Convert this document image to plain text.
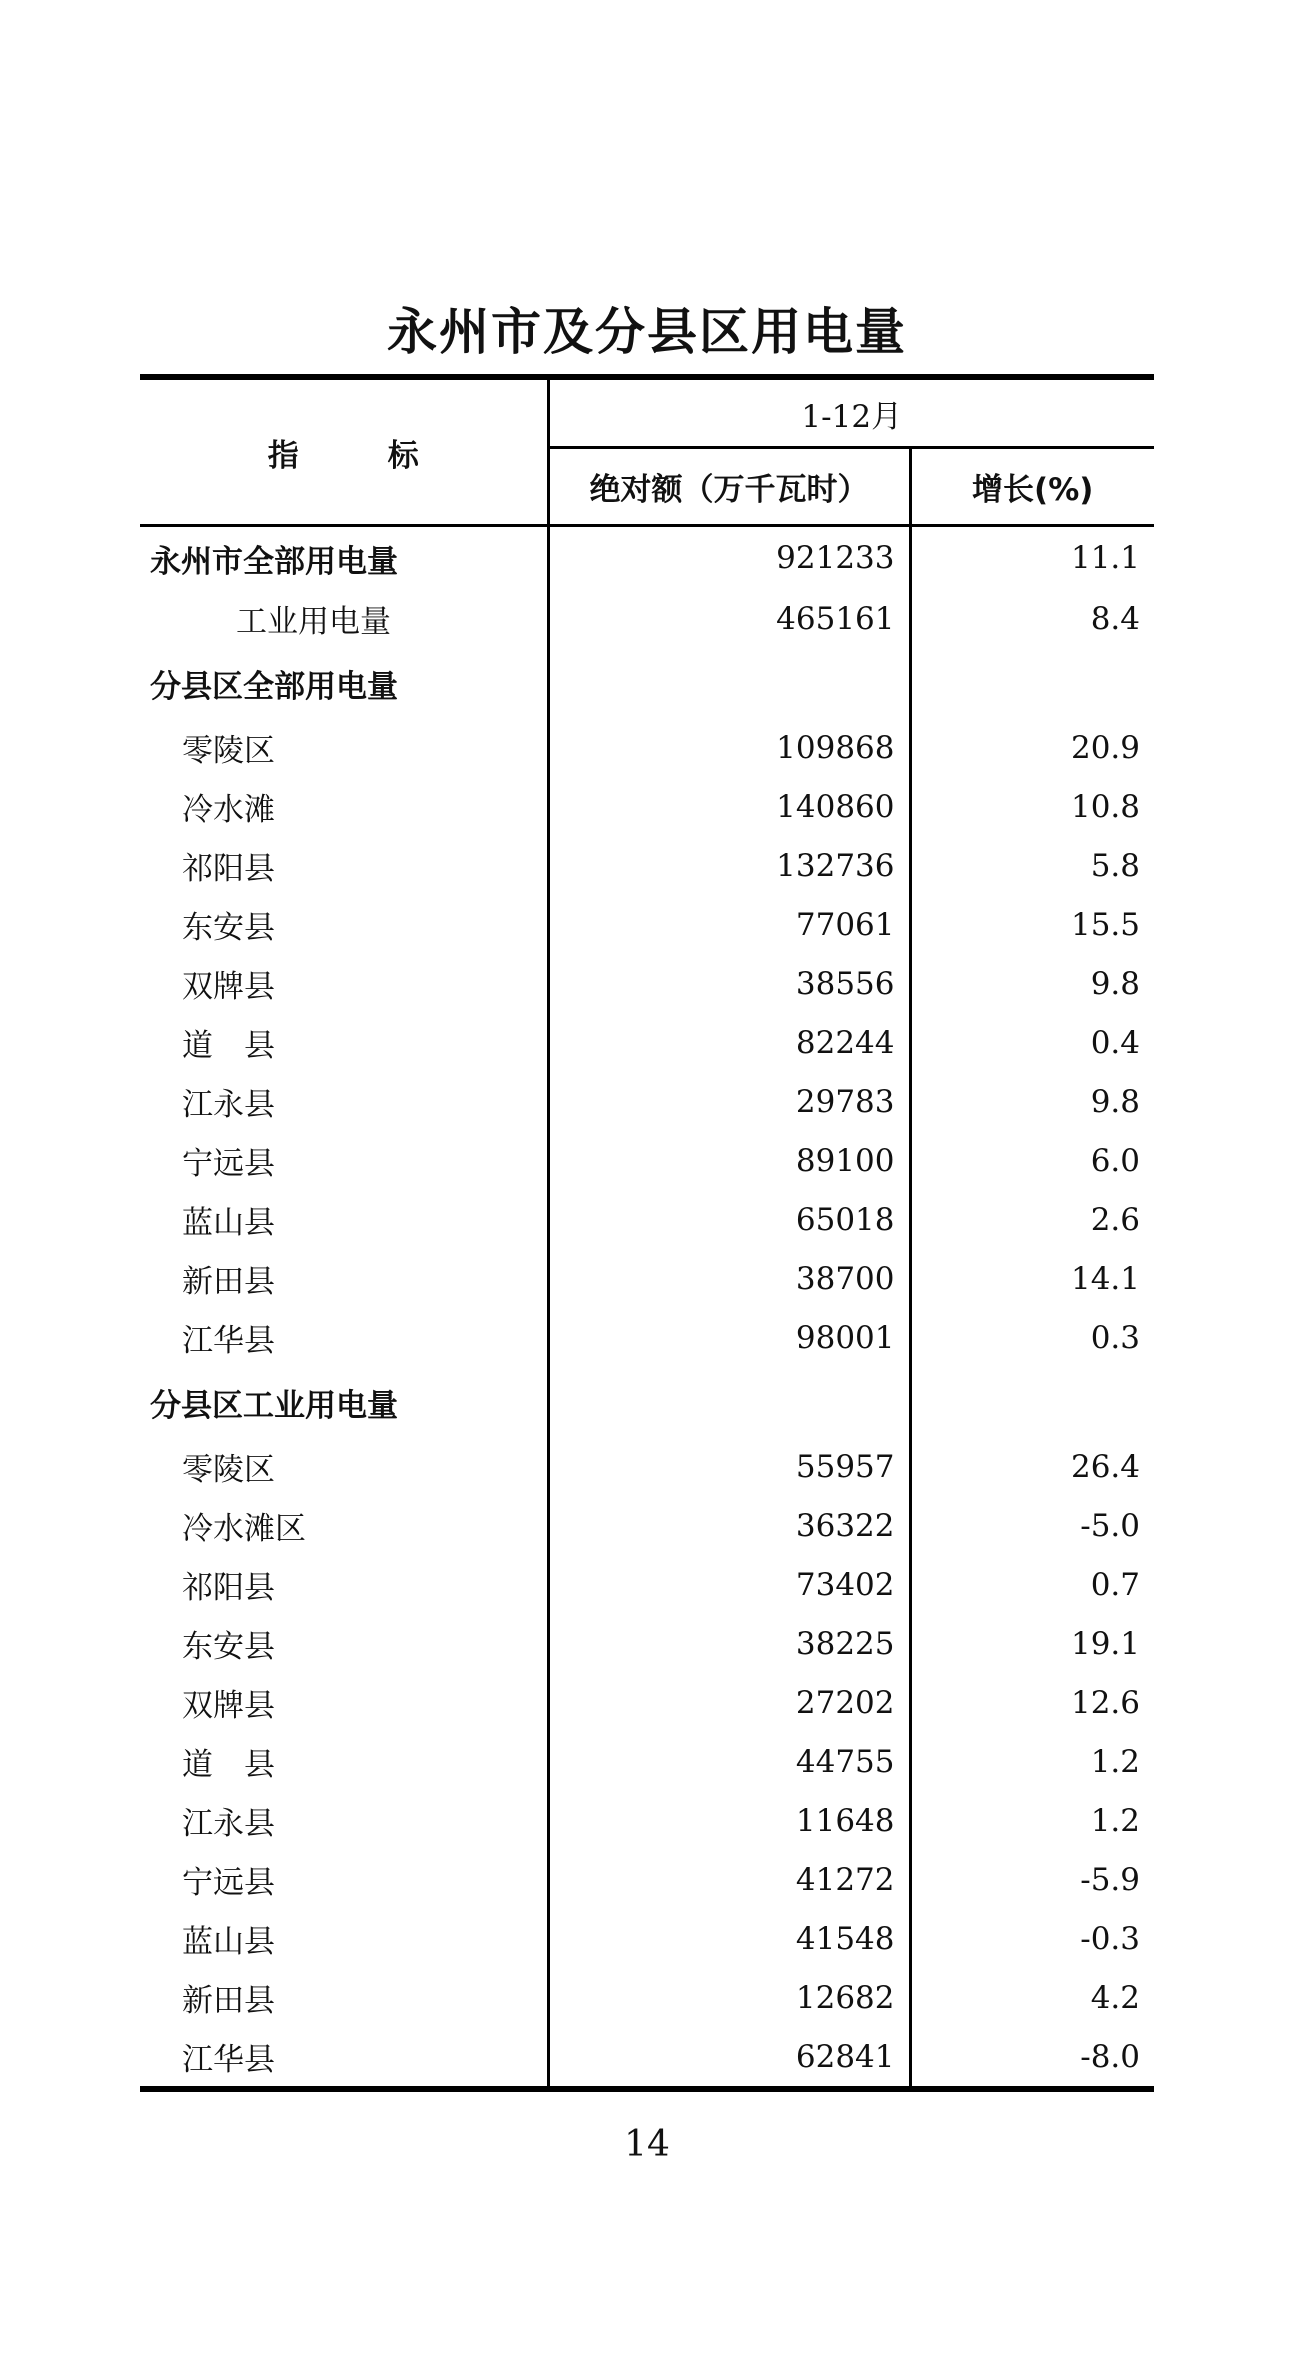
永州市及分县区用电量
指 标	1-12月	
	绝对额（万千瓦时）	增长(%)
永州市全部用电量	921233	11.1
工业用电量	465161	8.4
分县区全部用电量		
零陵区	109868	20.9
冷水滩	140860	10.8
祁阳县	132736	5.8
东安县	77061	15.5
双牌县	38556	9.8
道　县	82244	0.4
江永县	29783	9.8
宁远县	89100	6.0
蓝山县	65018	2.6
新田县	38700	14.1
江华县	98001	0.3
分县区工业用电量		
零陵区	55957	26.4
冷水滩区	36322	-5.0
祁阳县	73402	0.7
东安县	38225	19.1
双牌县	27202	12.6
道　县	44755	1.2
江永县	11648	1.2
宁远县	41272	-5.9
蓝山县	41548	-0.3
新田县	12682	4.2
江华县	62841	-8.0
14
